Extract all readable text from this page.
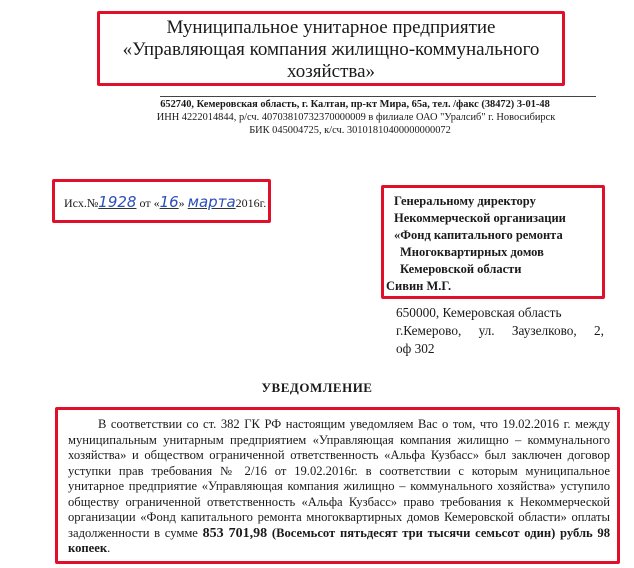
Муниципальное унитарное предприятие
«Управляющая компания жилищно-коммунального
хозяйства»
652740, Кемеровская область, г. Калтан, пр-кт Мира, 65а, тел. /факс (38472) 3-01-48
ИНН 4222014844, р/сч. 40703810732370000009 в филиале ОАО "Уралсиб" г. Новосибирск
БИК 045004725, к/сч. 30101810400000000072
Исх.№1928 от «16» марта2016г.	Генеральному директору
Некоммерческой организации
«Фонд капитального ремонта
Многоквартирных домов
Кемеровской области
Сивин М.Г.
650000, Кемеровская область
г.Кемерово, ул. Заузелково, 2,
оф 302
УВЕДОМЛЕНИЕ
В соответствии со ст. 382 ГК РФ настоящим уведомляем Вас о том, что 19.02.2016 г. между муниципальным унитарным предприятием «Управляющая компания жилищно – коммунального хозяйства» и обществом ограниченной ответственность «Альфа Кузбасс» был заключен договор уступки прав требования № 2/16 от 19.02.2016г. в соответствии с которым муниципальное унитарное предприятие «Управляющая компания жилищно – коммунального хозяйства» уступило обществу ограниченной ответственность «Альфа Кузбасс» право требования к Некоммерческой организации «Фонд капитального ремонта многоквартирных домов Кемеровской области» оплаты задолженности в сумме 853 701,98 (Восемьсот пятьдесят три тысячи семьсот один) рубль 98 копеек.
